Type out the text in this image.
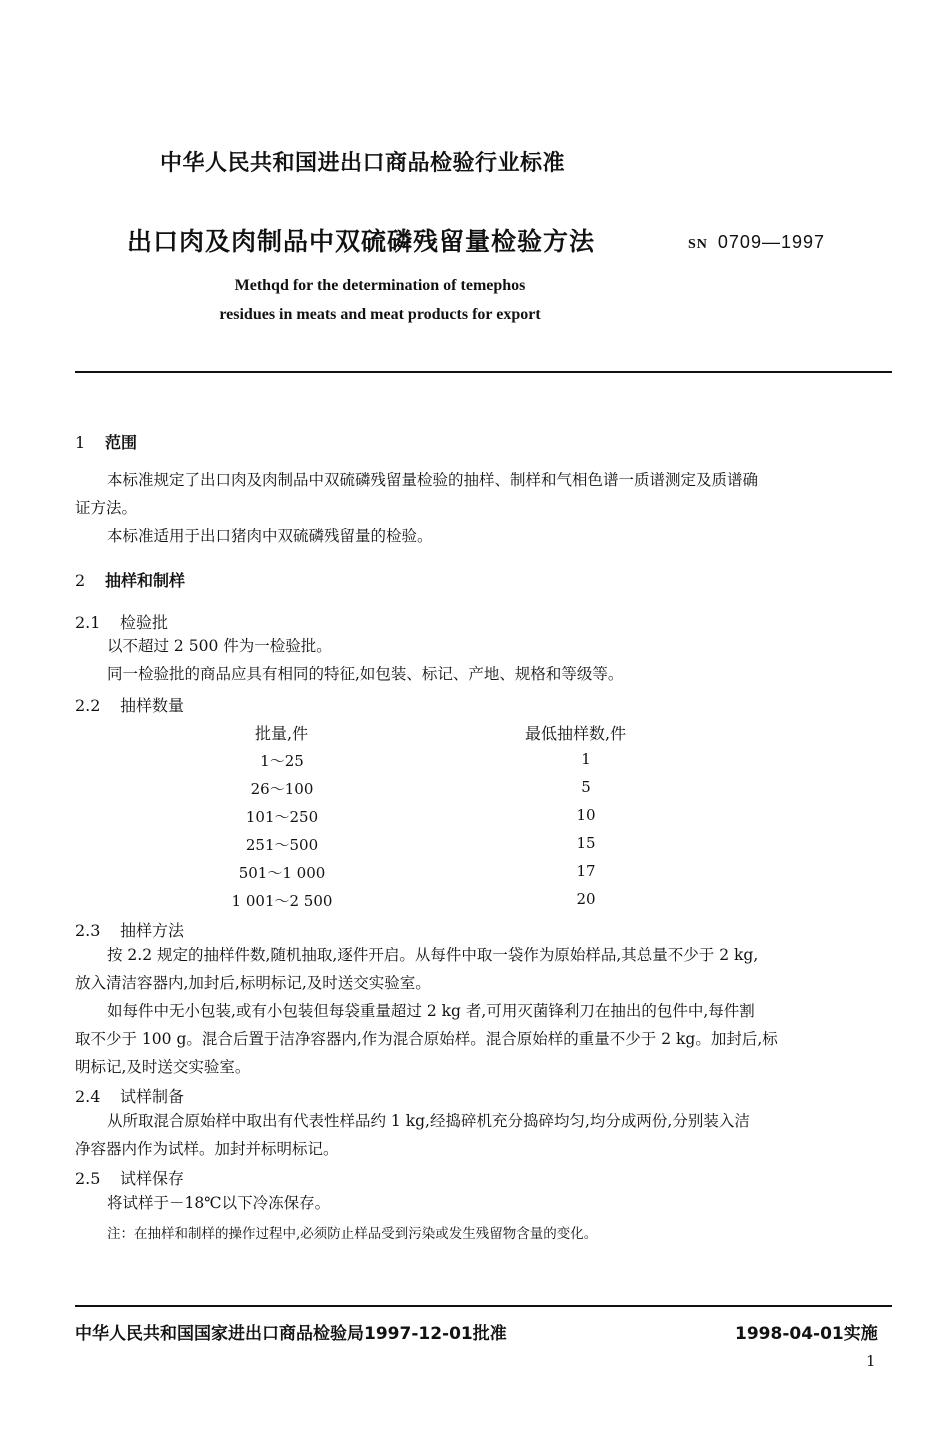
中华人民共和国进出口商品检验行业标准
出口肉及肉制品中双硫磷残留量检验方法	SN 0709—1997
Methqd for the determination of temephos
residues in meats and meat products for export
1 范围
本标准规定了出口肉及肉制品中双硫磷残留量检验的抽样、制样和气相色谱一质谱测定及质谱确
证方法。
本标准适用于出口猪肉中双硫磷残留量的检验。
2 抽样和制样
2.1 检验批
以不超过 2 500 件为一检验批。
同一检验批的商品应具有相同的特征,如包装、标记、产地、规格和等级等。
2.2 抽样数量
批量,件	最低抽样数,件
1～25	1
26～100	5
101～250	10
251～500	15
501～1 000	17
1 001～2 500	20
2.3 抽样方法
按 2.2 规定的抽样件数,随机抽取,逐件开启。从每件中取一袋作为原始样品,其总量不少于 2 kg,
放入清洁容器内,加封后,标明标记,及时送交实验室。
如每件中无小包装,或有小包装但每袋重量超过 2 kg 者,可用灭菌锋利刀在抽出的包件中,每件割
取不少于 100 g。混合后置于洁净容器内,作为混合原始样。混合原始样的重量不少于 2 kg。加封后,标
明标记,及时送交实验室。
2.4 试样制备
从所取混合原始样中取出有代表性样品约 1 kg,经捣碎机充分捣碎均匀,均分成两份,分别装入洁
净容器内作为试样。加封并标明标记。
2.5 试样保存
将试样于－18℃以下冷冻保存。
注：在抽样和制样的操作过程中,必须防止样品受到污染或发生残留物含量的变化。
中华人民共和国国家进出口商品检验局1997-12-01批准	1998-04-01实施
1
